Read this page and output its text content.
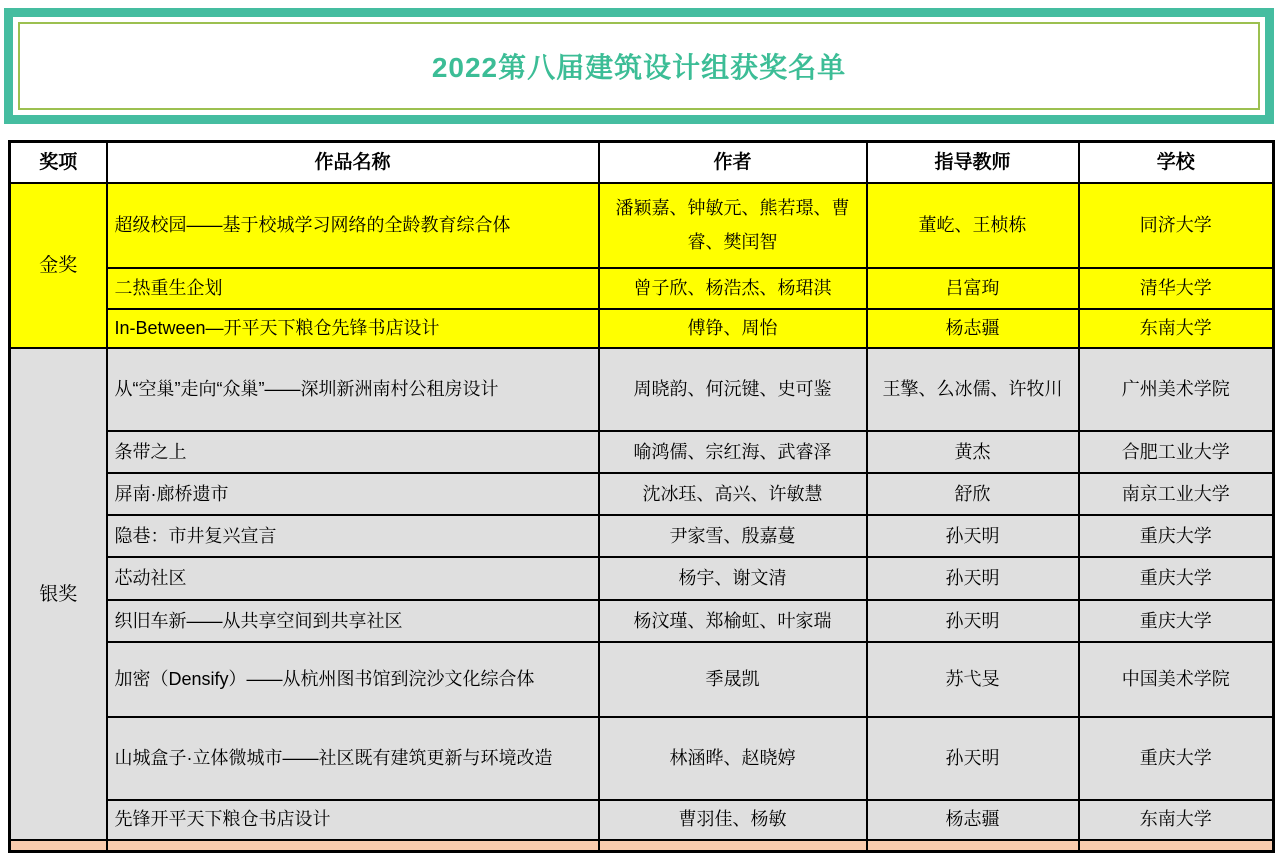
2022第八届建筑设计组获奖名单
奖项	作品名称	作者	指导教师	学校
金奖	超级校园——基于校城学习网络的全龄教育综合体	潘颖嘉、钟敏元、熊若璟、曹睿、樊闰智	董屹、王桢栋	同济大学
	二热重生企划	曾子欣、杨浩杰、杨珺淇	吕富珣	清华大学
	In-Between—开平天下粮仓先锋书店设计	傅铮、周怡	杨志疆	东南大学
银奖	从“空巢”走向“众巢”——深圳新洲南村公租房设计	周晓韵、何沅键、史可鉴	王擎、么冰儒、许牧川	广州美术学院
	条带之上	喻鸿儒、宗红海、武睿泽	黄杰	合肥工业大学
	屏南·廊桥遗市	沈冰珏、高兴、许敏慧	舒欣	南京工业大学
	隐巷：市井复兴宣言	尹家雪、殷嘉蔓	孙天明	重庆大学
	芯动社区	杨宇、谢文清	孙天明	重庆大学
	织旧车新——从共享空间到共享社区	杨汶瑾、郑榆虹、叶家瑞	孙天明	重庆大学
	加密（Densify）——从杭州图书馆到浣沙文化综合体	季晟凯	苏弋旻	中国美术学院
	山城盒子·立体微城市——社区既有建筑更新与环境改造	林涵晔、赵晓婷	孙天明	重庆大学
	先锋开平天下粮仓书店设计	曹羽佳、杨敏	杨志疆	东南大学
